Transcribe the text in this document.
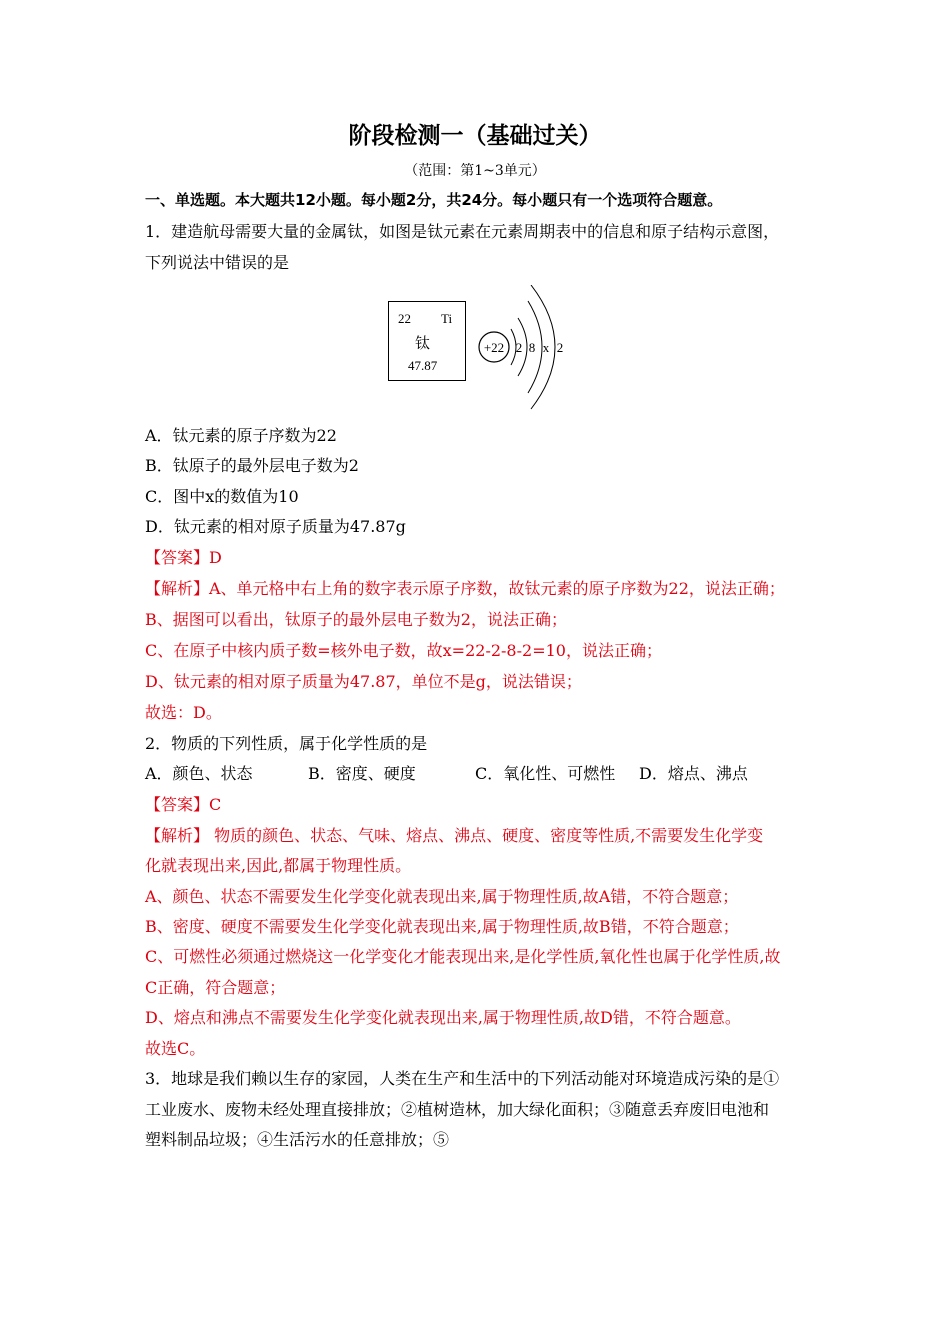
阶段检测一（基础过关）
（范围：第1~3单元）
一、单选题。本大题共12小题。每小题2分，共24分。每小题只有一个选项符合题意。
1．建造航母需要大量的金属钛，如图是钛元素在元素周期表中的信息和原子结构示意图，
下列说法中错误的是
22 Ti
钛
47.87
+22 2 8 x 2
A．钛元素的原子序数为22
B．钛原子的最外层电子数为2
C．图中x的数值为10
D．钛元素的相对原子质量为47.87g
【答案】D
【解析】A、单元格中右上角的数字表示原子序数，故钛元素的原子序数为22，说法正确；
B、据图可以看出，钛原子的最外层电子数为2，说法正确；
C、在原子中核内质子数=核外电子数，故x=22-2-8-2=10，说法正确；
D、钛元素的相对原子质量为47.87，单位不是g，说法错误；
故选：D。
2．物质的下列性质，属于化学性质的是
A．颜色、状态	B．密度、硬度	C．氧化性、可燃性 D．熔点、沸点
【答案】C
【解析】 物质的颜色、状态、气味、熔点、沸点、硬度、密度等性质,不需要发生化学变
化就表现出来,因此,都属于物理性质。
A、颜色、状态不需要发生化学变化就表现出来,属于物理性质,故A错，不符合题意；
B、密度、硬度不需要发生化学变化就表现出来,属于物理性质,故B错，不符合题意；
C、可燃性必须通过燃烧这一化学变化才能表现出来,是化学性质,氧化性也属于化学性质,故
C正确，符合题意；
D、熔点和沸点不需要发生化学变化就表现出来,属于物理性质,故D错，不符合题意。
故选C。
3．地球是我们赖以生存的家园，人类在生产和生活中的下列活动能对环境造成污染的是①
工业废水、废物未经处理直接排放；②植树造林，加大绿化面积；③随意丢弃废旧电池和
塑料制品垃圾；④生活污水的任意排放；⑤
